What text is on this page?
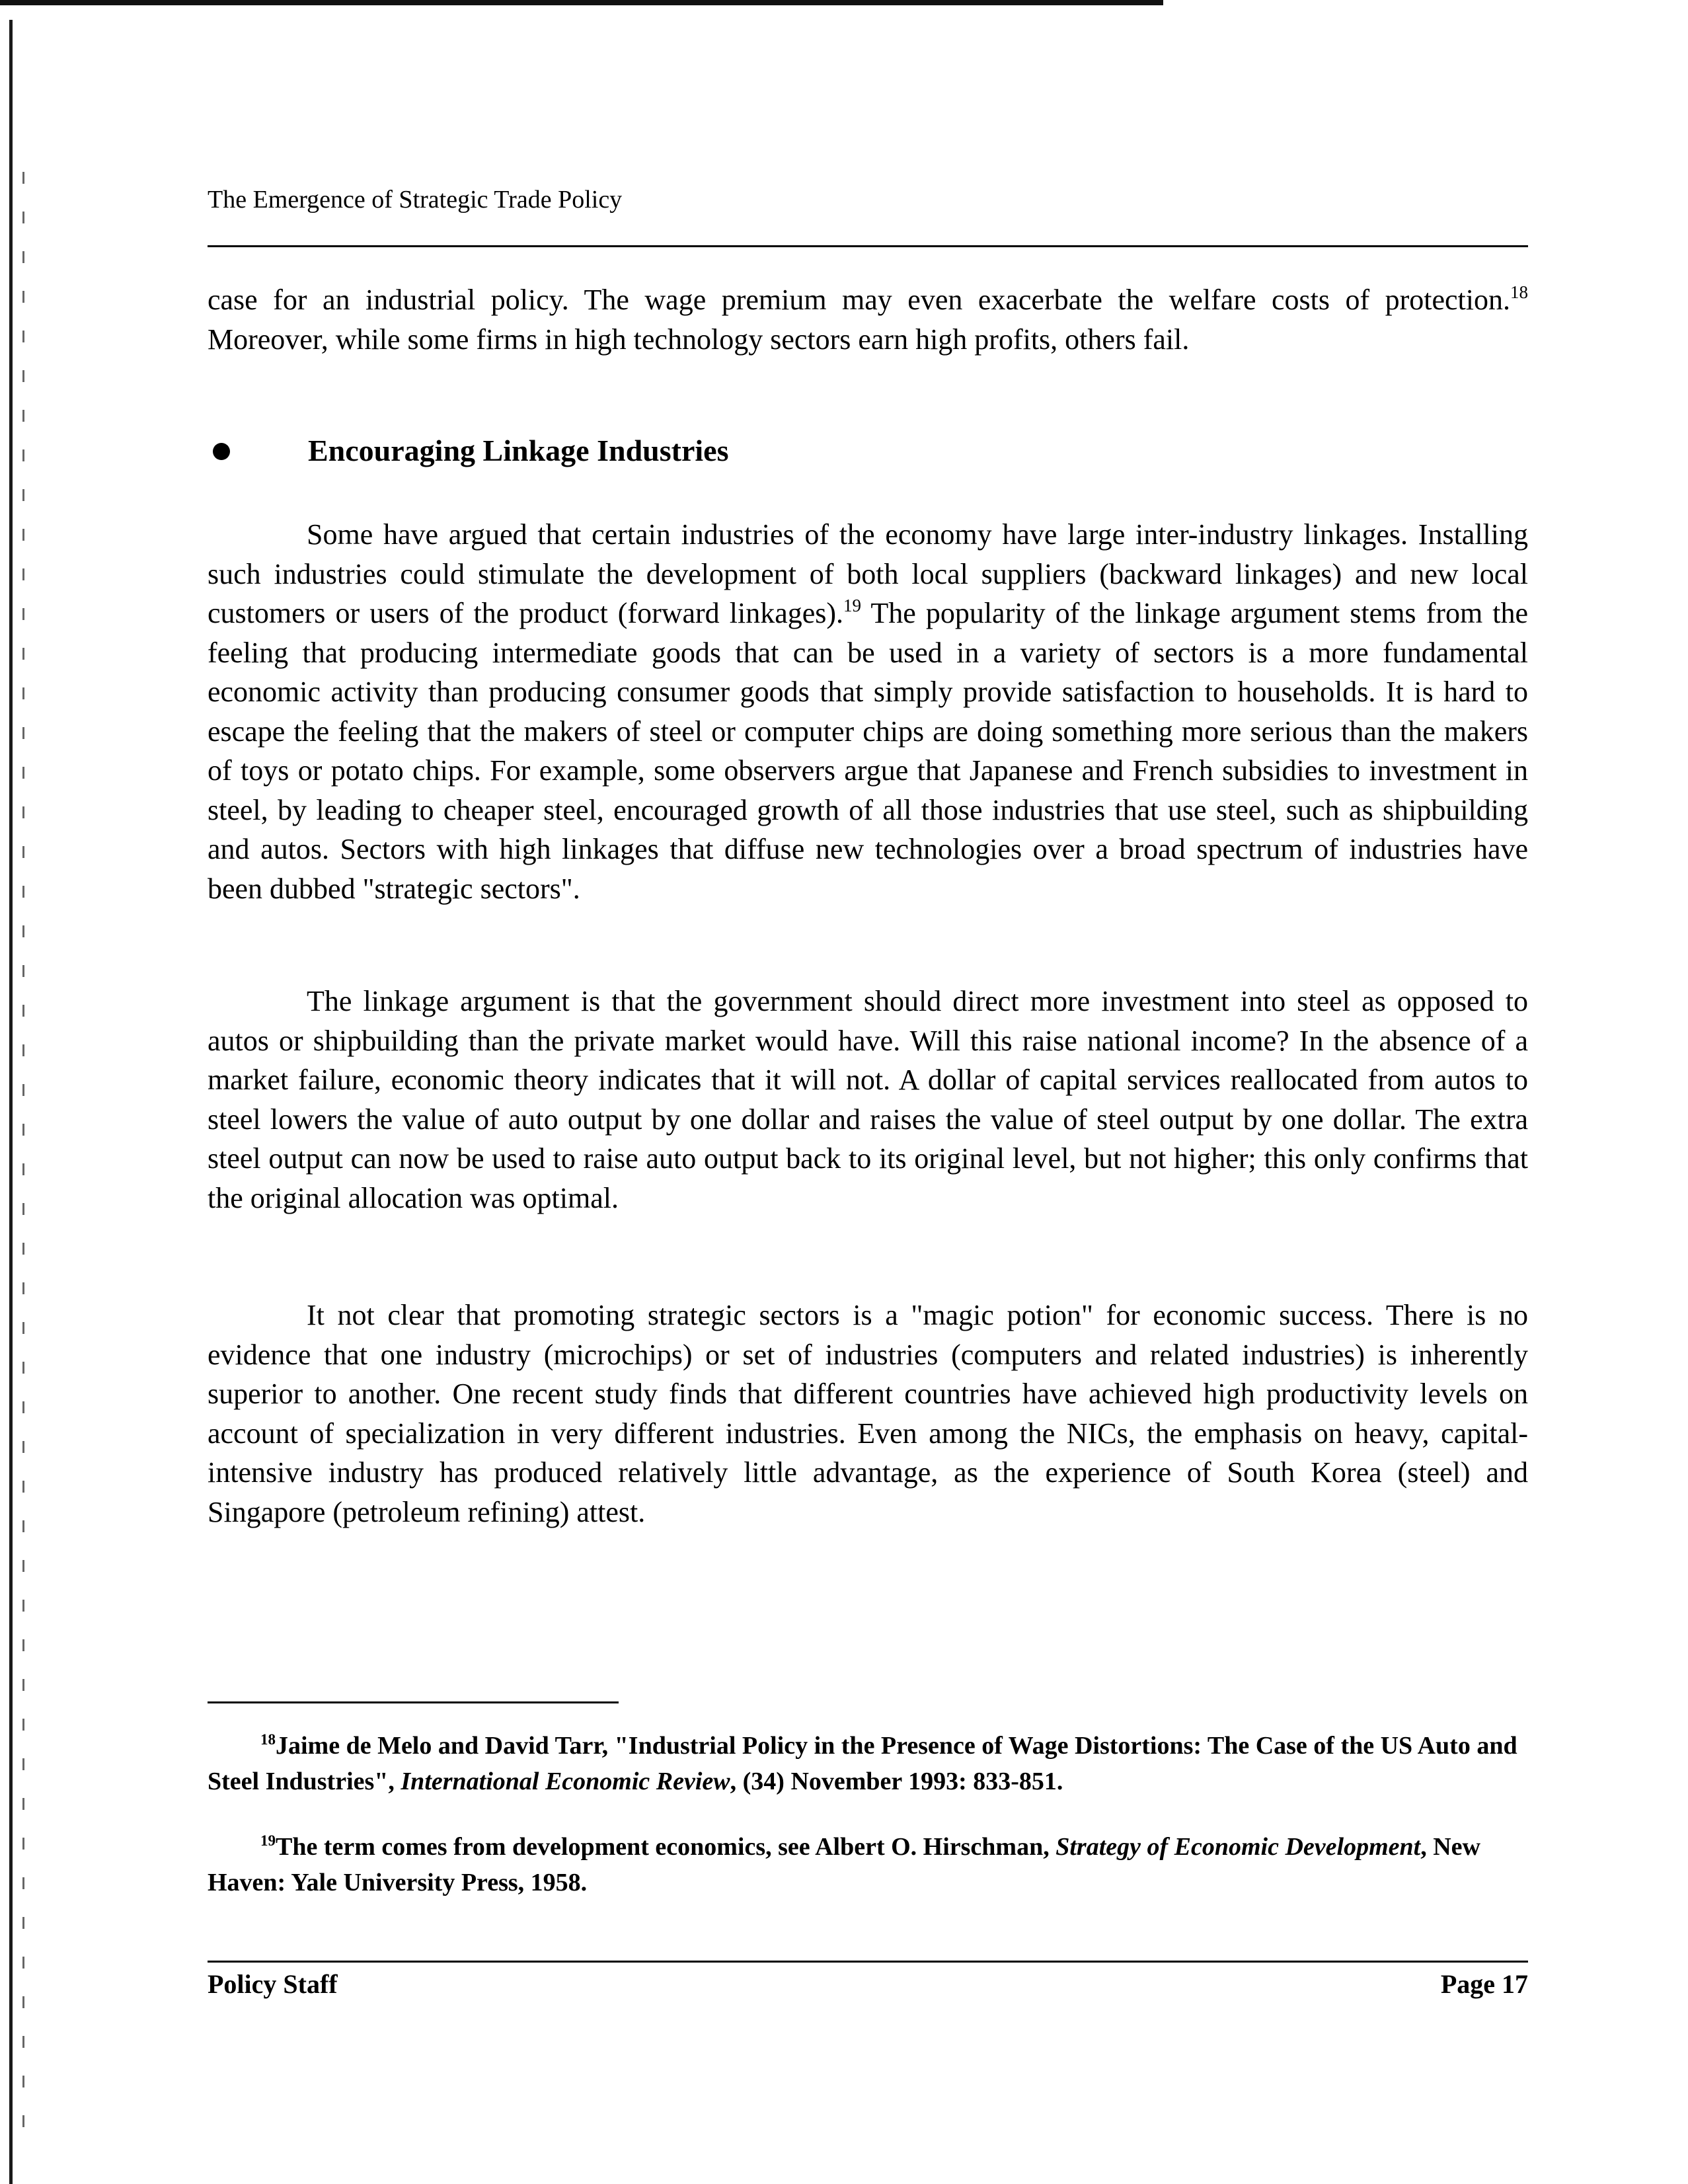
The Emergence of Strategic Trade Policy

case for an industrial policy. The wage premium may even exacerbate the welfare costs of protection.$^{18}$ Moreover, while some firms in high technology sectors earn high profits, others fail.

Encouraging Linkage Industries

Some have argued that certain industries of the economy have large inter-industry linkages. Installing such industries could stimulate the development of both local suppliers (backward linkages) and new local customers or users of the product (forward linkages).$^{19}$ The popularity of the linkage argument stems from the feeling that producing intermediate goods that can be used in a variety of sectors is a more fundamental economic activity than producing consumer goods that simply provide satisfaction to households. It is hard to escape the feeling that the makers of steel or computer chips are doing something more serious than the makers of toys or potato chips. For example, some observers argue that Japanese and French subsidies to investment in steel, by leading to cheaper steel, encouraged growth of all those industries that use steel, such as shipbuilding and autos. Sectors with high linkages that diffuse new technologies over a broad spectrum of industries have been dubbed "strategic sectors".

The linkage argument is that the government should direct more investment into steel as opposed to autos or shipbuilding than the private market would have. Will this raise national income? In the absence of a market failure, economic theory indicates that it will not. A dollar of capital services reallocated from autos to steel lowers the value of auto output by one dollar and raises the value of steel output by one dollar. The extra steel output can now be used to raise auto output back to its original level, but not higher; this only confirms that the original allocation was optimal.

It not clear that promoting strategic sectors is a "magic potion" for economic success. There is no evidence that one industry (microchips) or set of industries (computers and related industries) is inherently superior to another. One recent study finds that different countries have achieved high productivity levels on account of specialization in very different industries. Even among the NICs, the emphasis on heavy, capital-intensive industry has produced relatively little advantage, as the experience of South Korea (steel) and Singapore (petroleum refining) attest.

$^{18}$Jaime de Melo and David Tarr, "Industrial Policy in the Presence of Wage Distortions: The Case of the US Auto and Steel Industries", International Economic Review, (34) November 1993: 833-851.

$^{19}$The term comes from development economics, see Albert O. Hirschman, Strategy of Economic Development, New Haven: Yale University Press, 1958.

Policy Staff	Page 17
